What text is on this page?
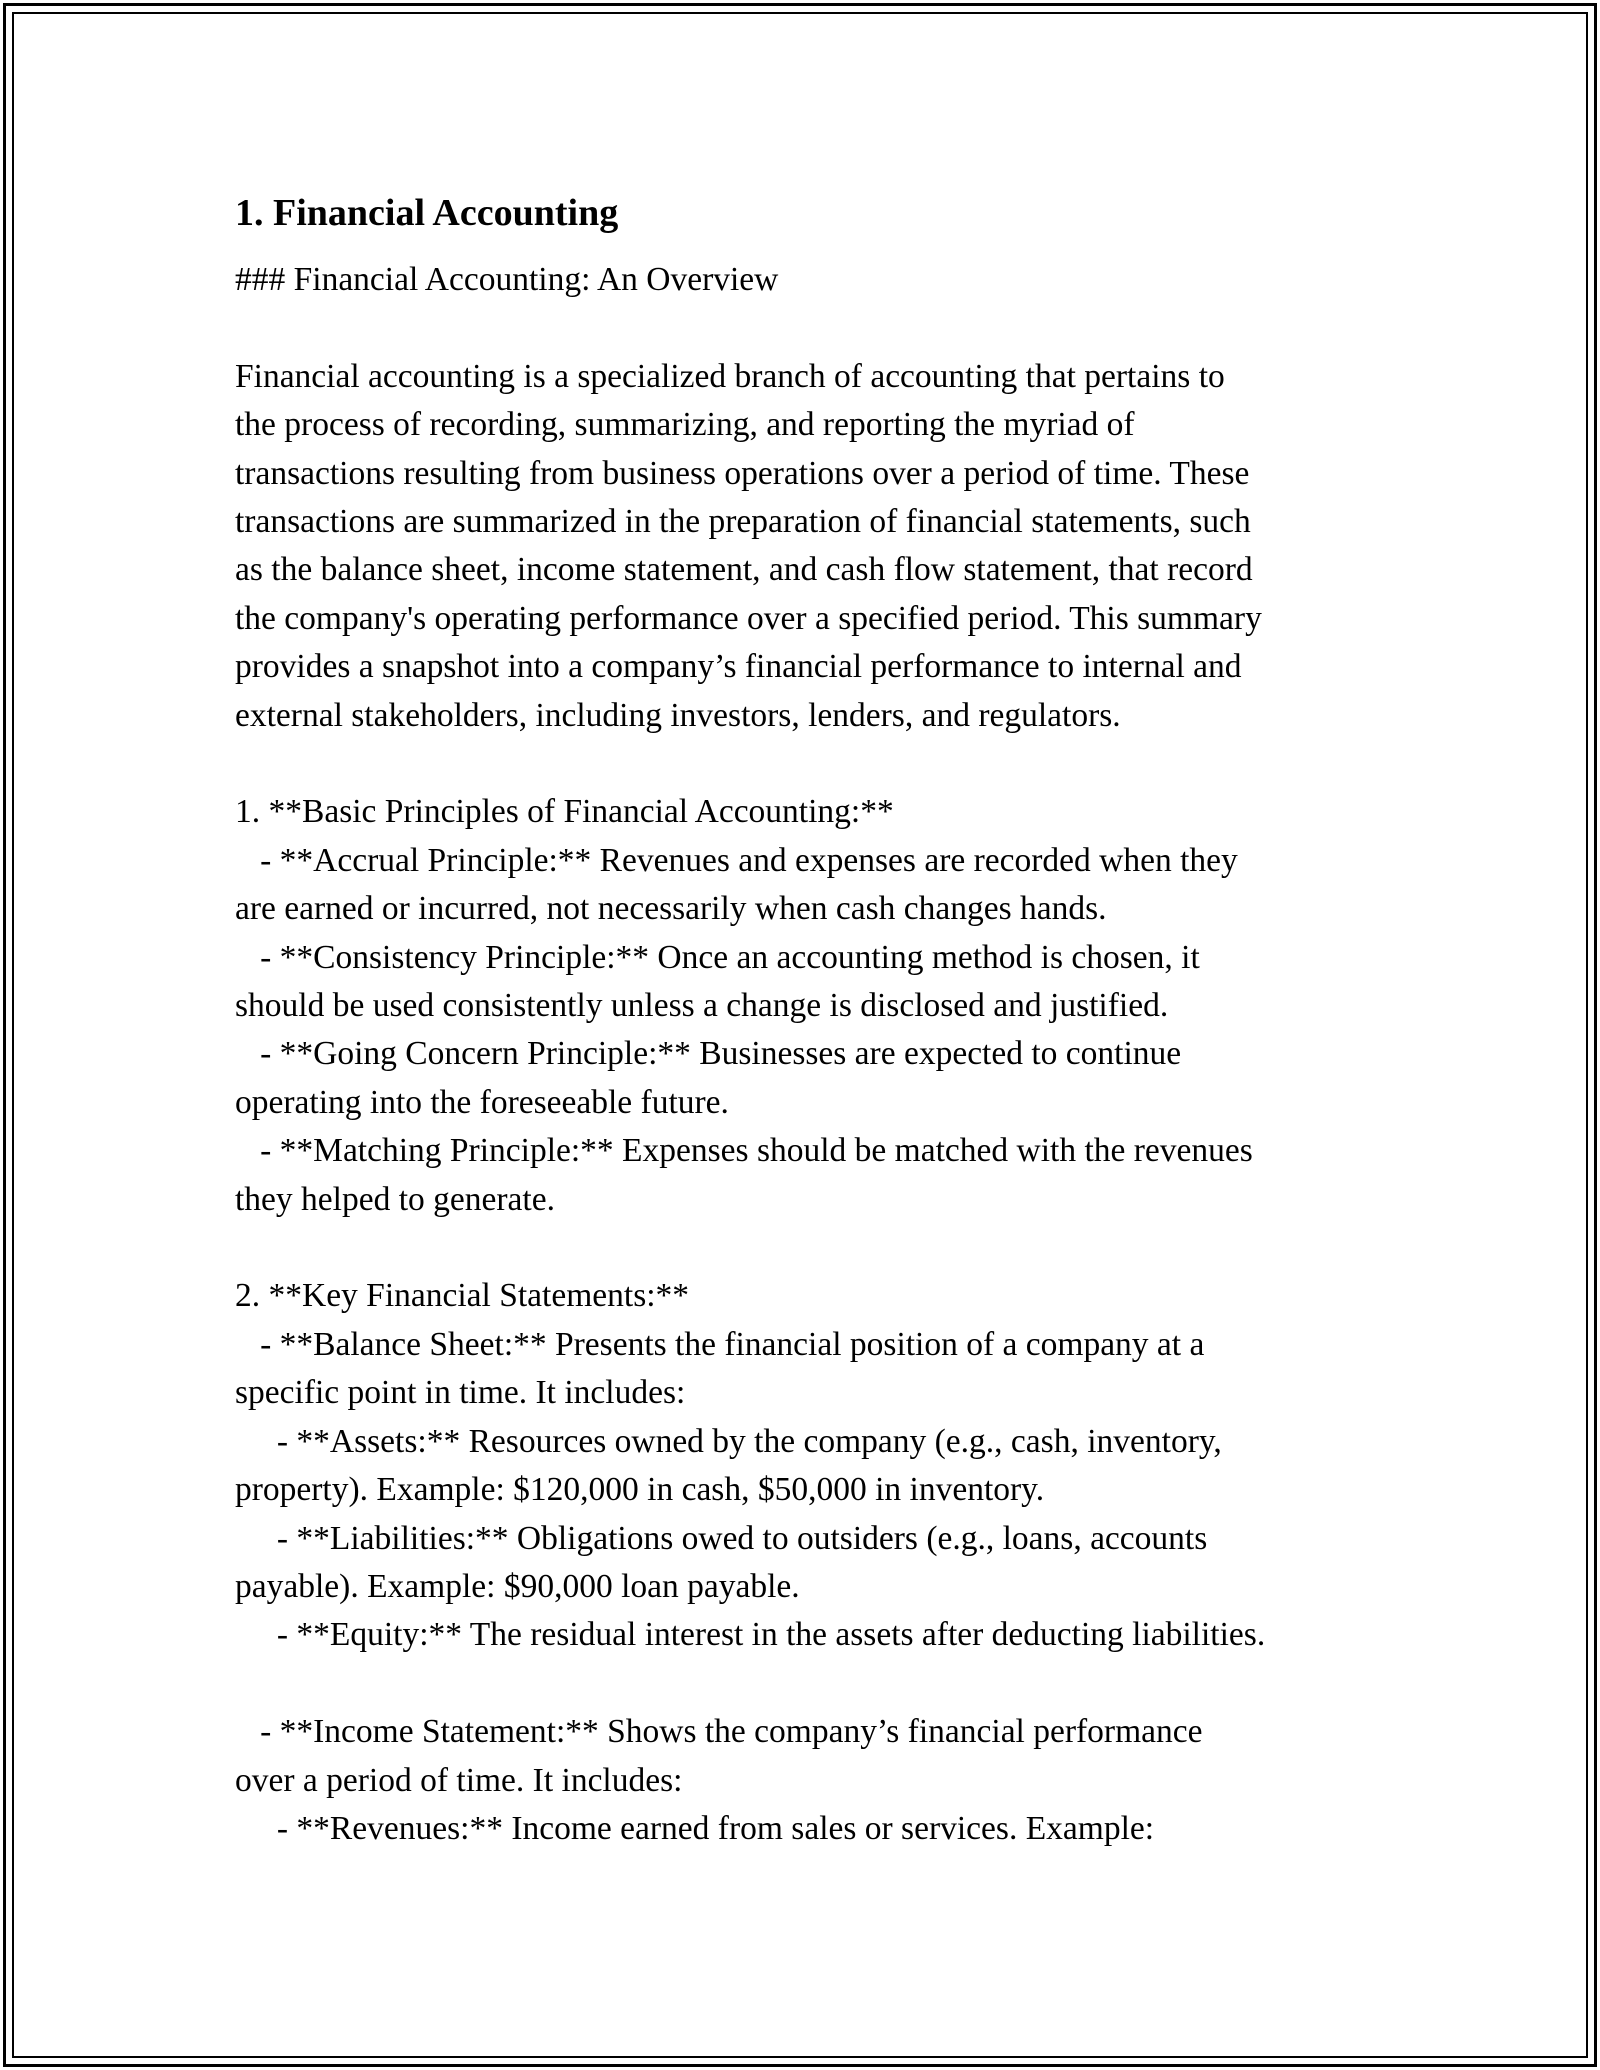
1. Financial Accounting
### Financial Accounting: An Overview
Financial accounting is a specialized branch of accounting that pertains to
the process of recording, summarizing, and reporting the myriad of
transactions resulting from business operations over a period of time. These
transactions are summarized in the preparation of financial statements, such
as the balance sheet, income statement, and cash flow statement, that record
the company's operating performance over a specified period. This summary
provides a snapshot into a company’s financial performance to internal and
external stakeholders, including investors, lenders, and regulators.
1. **Basic Principles of Financial Accounting:**
- **Accrual Principle:** Revenues and expenses are recorded when they
are earned or incurred, not necessarily when cash changes hands.
- **Consistency Principle:** Once an accounting method is chosen, it
should be used consistently unless a change is disclosed and justified.
- **Going Concern Principle:** Businesses are expected to continue
operating into the foreseeable future.
- **Matching Principle:** Expenses should be matched with the revenues
they helped to generate.
2. **Key Financial Statements:**
- **Balance Sheet:** Presents the financial position of a company at a
specific point in time. It includes:
- **Assets:** Resources owned by the company (e.g., cash, inventory,
property). Example: $120,000 in cash, $50,000 in inventory.
- **Liabilities:** Obligations owed to outsiders (e.g., loans, accounts
payable). Example: $90,000 loan payable.
- **Equity:** The residual interest in the assets after deducting liabilities.
- **Income Statement:** Shows the company’s financial performance
over a period of time. It includes:
- **Revenues:** Income earned from sales or services. Example:
